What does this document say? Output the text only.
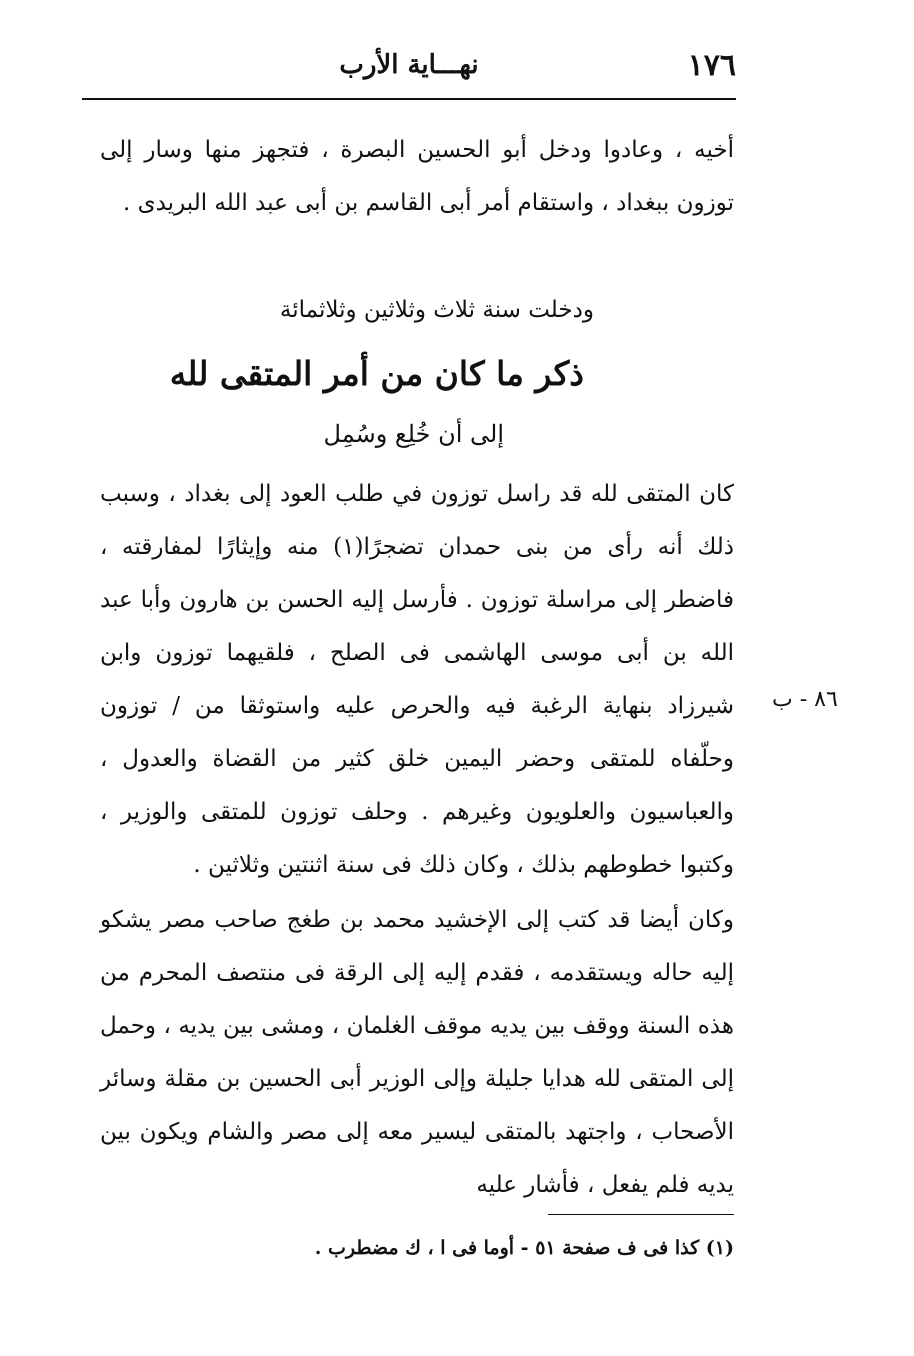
١٧٦
نهـــاية الأرب

أخيه ، وعادوا ودخل أبو الحسين البصرة ، فتجهز منها وسار إلى توزون ببغداد ، واستقام أمر أبى القاسم بن أبى عبد الله البريدى .

ودخلت سنة ثلاث وثلاثين وثلاثمائة
ذكر ما كان من أمر المتقى لله
إلى أن خُلِع وسُمِل

كان المتقى لله قد راسل توزون في طلب العود إلى بغداد ، وسبب ذلك أنه رأى من بنى حمدان تضجرًا(١) منه وإيثارًا لمفارقته ، فاضطر إلى مراسلة توزون . فأرسل إليه الحسن بن هارون وأبا عبد الله بن أبى موسى الهاشمى فى الصلح ، فلقيهما توزون وابن شيرزاد بنهاية الرغبة فيه والحرص عليه واستوثقا من / توزون وحلّفاه للمتقى وحضر اليمين خلق كثير من القضاة والعدول ، والعباسيون والعلويون وغيرهم . وحلف توزون للمتقى والوزير ، وكتبوا خطوطهم بذلك ، وكان ذلك فى سنة اثنتين وثلاثين .

٨٦ - ب

وكان أيضا قد كتب إلى الإخشيد محمد بن طغج صاحب مصر يشكو إليه حاله ويستقدمه ، فقدم إليه إلى الرقة فى منتصف المحرم من هذه السنة ووقف بين يديه موقف الغلمان ، ومشى بين يديه ، وحمل إلى المتقى لله هدايا جليلة وإلى الوزير أبى الحسين بن مقلة وسائر الأصحاب ، واجتهد بالمتقى ليسير معه إلى مصر والشام ويكون بين يديه فلم يفعل ، فأشار عليه

(١) كذا فى ف صفحة ٥١ - أوما فى ا ، ك مضطرب .
